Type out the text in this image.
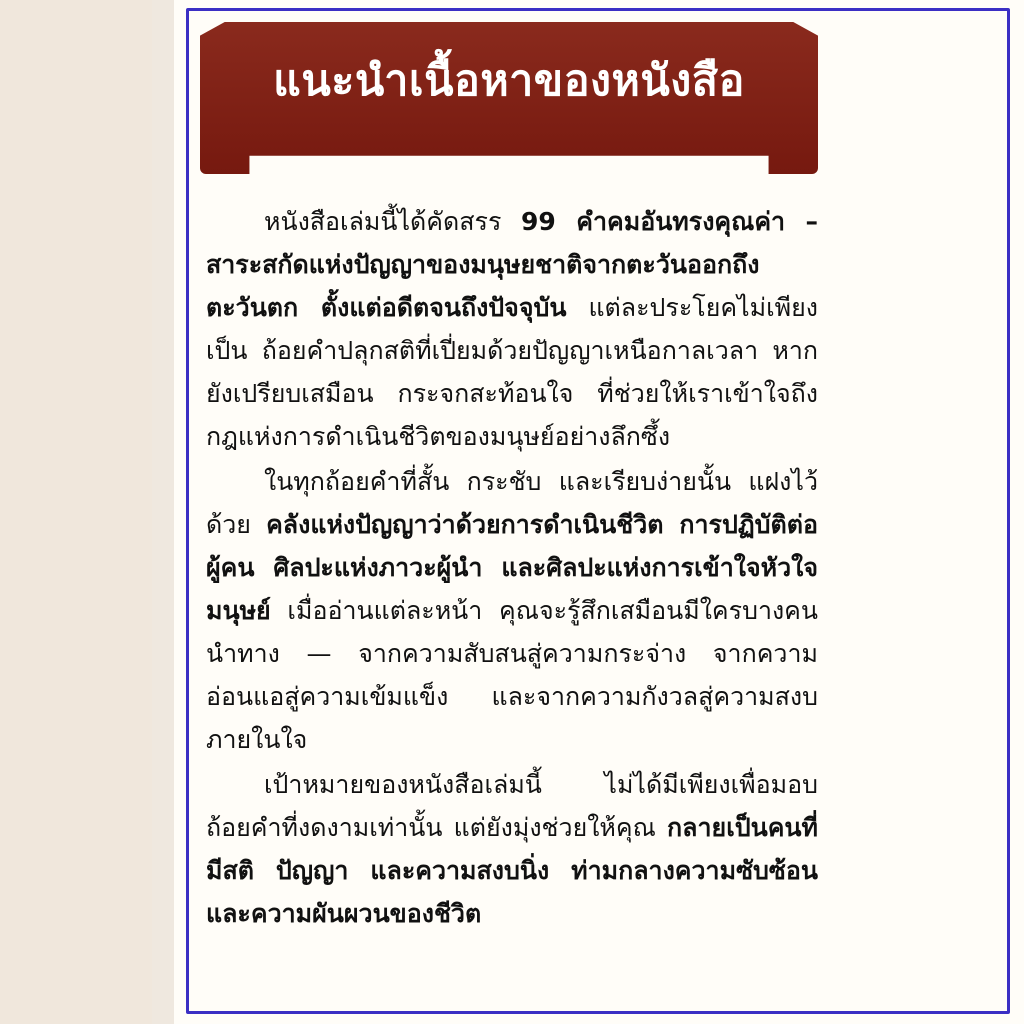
แนะนำเนื้อหาของหนังสือ

หนังสือเล่มนี้ได้คัดสรร 99 คำคมอันทรงคุณค่า – สาระสกัดแห่งปัญญาของมนุษยชาติจากตะวันออกถึงตะวันตก ตั้งแต่อดีตจนถึงปัจจุบัน แต่ละประโยคไม่เพียงเป็น ถ้อยคำปลุกสติที่เปี่ยมด้วยปัญญาเหนือกาลเวลา หากยังเปรียบเสมือน กระจกสะท้อนใจ ที่ช่วยให้เราเข้าใจถึงกฎแห่งการดำเนินชีวิตของมนุษย์อย่างลึกซึ้ง

ในทุกถ้อยคำที่สั้น กระชับ และเรียบง่ายนั้น แฝงไว้ด้วย คลังแห่งปัญญาว่าด้วยการดำเนินชีวิต การปฏิบัติต่อผู้คน ศิลปะแห่งภาวะผู้นำ และศิลปะแห่งการเข้าใจหัวใจมนุษย์ เมื่ออ่านแต่ละหน้า คุณจะรู้สึกเสมือนมีใครบางคนนำทาง — จากความสับสนสู่ความกระจ่าง จากความอ่อนแอสู่ความเข้มแข็ง และจากความกังวลสู่ความสงบภายในใจ

เป้าหมายของหนังสือเล่มนี้ ไม่ได้มีเพียงเพื่อมอบถ้อยคำที่งดงามเท่านั้น แต่ยังมุ่งช่วยให้คุณ กลายเป็นคนที่มีสติ ปัญญา และความสงบนิ่ง ท่ามกลางความซับซ้อนและความผันผวนของชีวิต
